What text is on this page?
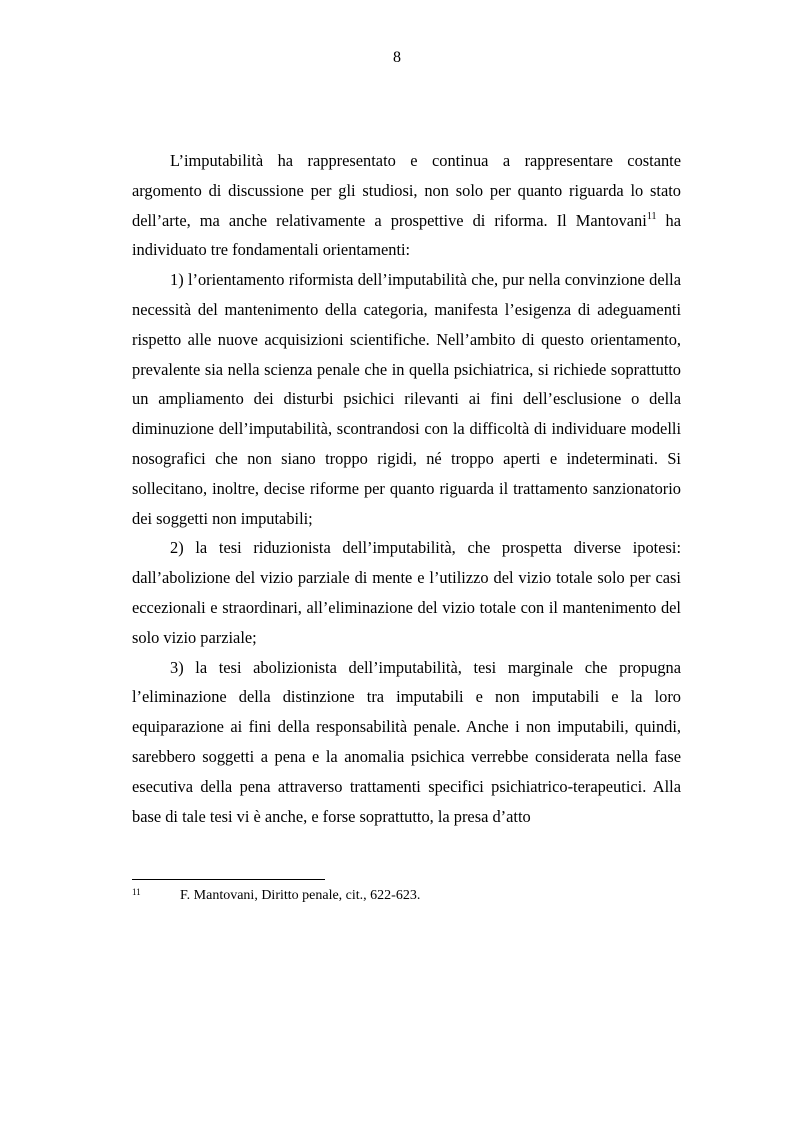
8

L’imputabilità ha rappresentato e continua a rappresentare costante argomento di discussione per gli studiosi, non solo per quanto riguarda lo stato dell’arte, ma anche relativamente a prospettive di riforma. Il Mantovani$^{11}$ ha individuato tre fondamentali orientamenti:

1) l’orientamento riformista dell’imputabilità che, pur nella convinzione della necessità del mantenimento della categoria, manifesta l’esigenza di adeguamenti rispetto alle nuove acquisizioni scientifiche. Nell’ambito di questo orientamento, prevalente sia nella scienza penale che in quella psichiatrica, si richiede soprattutto un ampliamento dei disturbi psichici rilevanti ai fini dell’esclusione o della diminuzione dell’imputabilità, scontrandosi con la difficoltà di individuare modelli nosografici che non siano troppo rigidi, né troppo aperti e indeterminati. Si sollecitano, inoltre, decise riforme per quanto riguarda il trattamento sanzionatorio dei soggetti non imputabili;

2) la tesi riduzionista dell’imputabilità, che prospetta diverse ipotesi: dall’abolizione del vizio parziale di mente e l’utilizzo del vizio totale solo per casi eccezionali e straordinari, all’eliminazione del vizio totale con il mantenimento del solo vizio parziale;

3) la tesi abolizionista dell’imputabilità, tesi marginale che propugna l’eliminazione della distinzione tra imputabili e non imputabili e la loro equiparazione ai fini della responsabilità penale. Anche i non imputabili, quindi, sarebbero soggetti a pena e la anomalia psichica verrebbe considerata nella fase esecutiva della pena attraverso trattamenti specifici psichiatrico-terapeutici. Alla base di tale tesi vi è anche, e forse soprattutto, la presa d’atto

11	F. Mantovani, Diritto penale, cit., 622-623.
